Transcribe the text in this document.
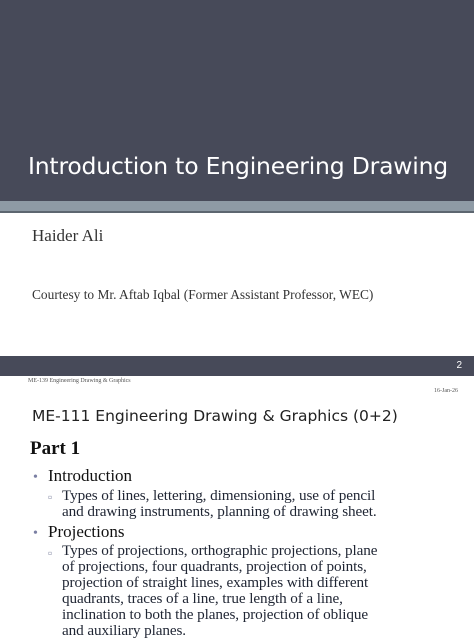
Introduction to Engineering Drawing
Haider Ali
Courtesy to Mr. Aftab Iqbal (Former Assistant Professor, WEC)
2
ME-139 Engineering Drawing & Graphics
16-Jan-26
ME-111 Engineering Drawing & Graphics (0+2)
Part 1
• Introduction
▫ Types of lines, lettering, dimensioning, use of pencil
and drawing instruments, planning of drawing sheet.
• Projections
▫ Types of projections, orthographic projections, plane
of projections, four quadrants, projection of points,
projection of straight lines, examples with different
quadrants, traces of a line, true length of a line,
inclination to both the planes, projection of oblique
and auxiliary planes.
